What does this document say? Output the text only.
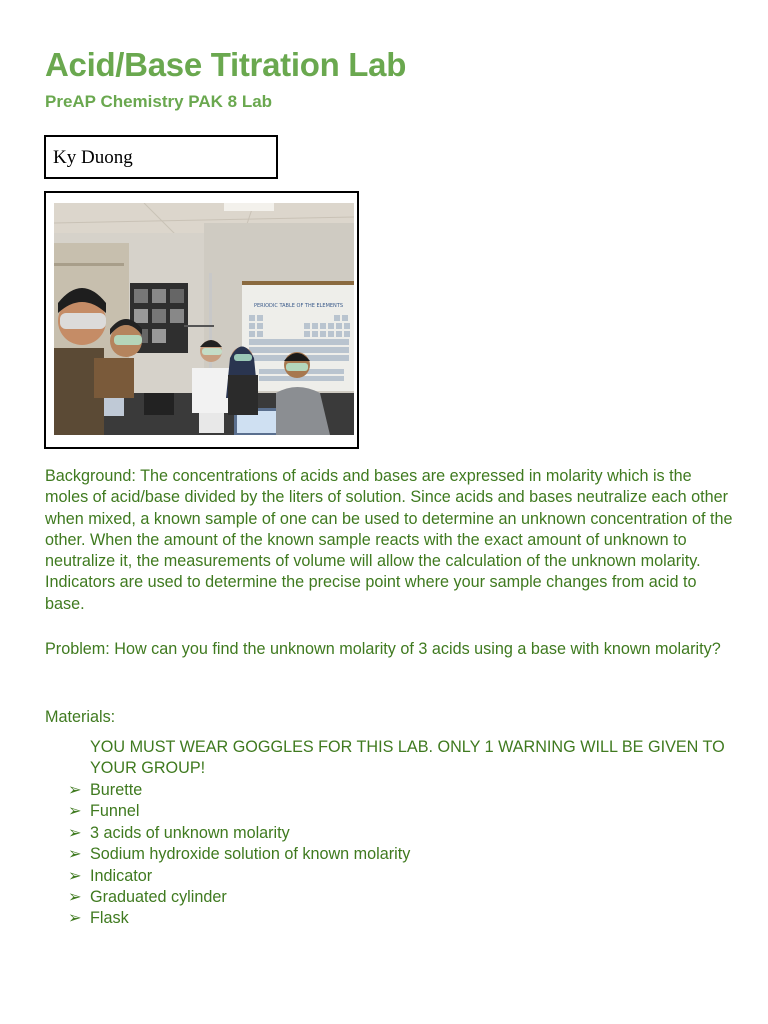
Acid/Base Titration Lab
PreAP Chemistry PAK 8 Lab
Ky Duong
PERIODIC TABLE OF THE ELEMENTS

Background: The concentrations of acids and bases are expressed in molarity which is the moles of acid/base divided by the liters of solution. Since acids and bases neutralize each other when mixed, a known sample of one can be used to determine an unknown concentration of the other. When the amount of the known sample reacts with the exact amount of unknown to neutralize it, the measurements of volume will allow the calculation of the unknown molarity. Indicators are used to determine the precise point where your sample changes from acid to base.

Problem: How can you find the unknown molarity of 3 acids using a base with known molarity?

Materials:

YOU MUST WEAR GOGGLES FOR THIS LAB. ONLY 1 WARNING WILL BE GIVEN TO YOUR GROUP!

➢ Burette
➢ Funnel
➢ 3 acids of unknown molarity
➢ Sodium hydroxide solution of known molarity
➢ Indicator
➢ Graduated cylinder
➢ Flask
